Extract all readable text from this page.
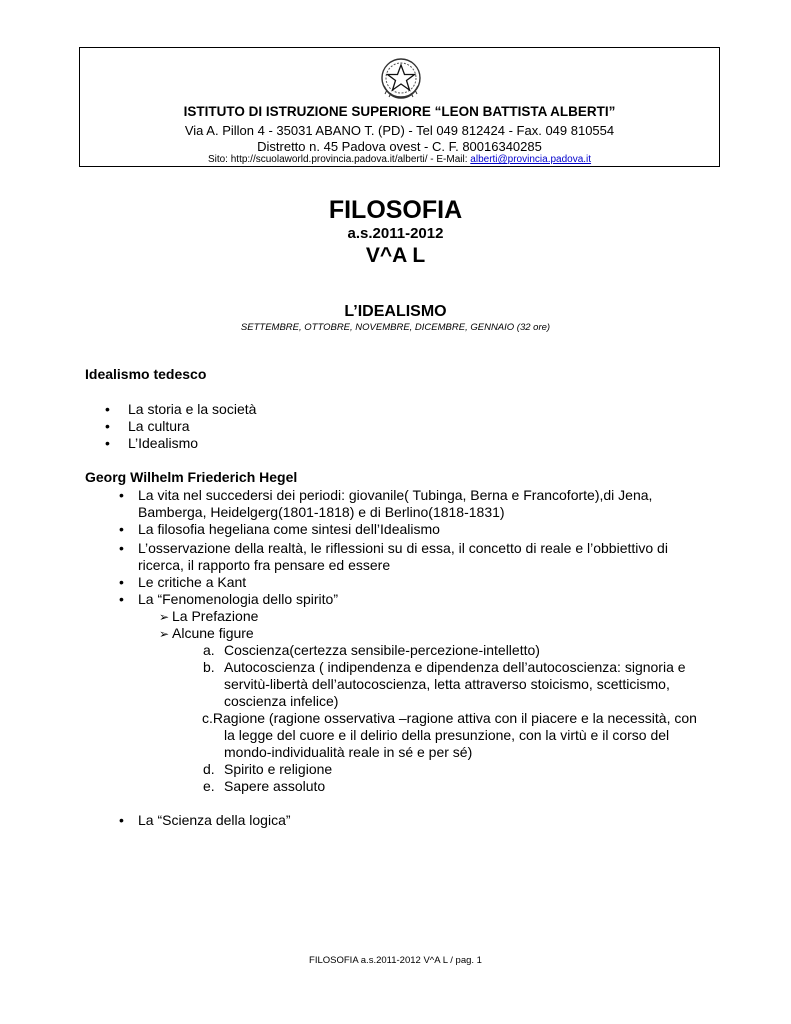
ISTITUTO DI ISTRUZIONE SUPERIORE “LEON BATTISTA ALBERTI”
Via A. Pillon 4 - 35031 ABANO T. (PD) - Tel 049 812424 - Fax. 049 810554
Distretto n. 45 Padova ovest - C. F. 80016340285
Sito: http://scuolaworld.provincia.padova.it/alberti/ - E-Mail: alberti@provincia.padova.it
FILOSOFIA
a.s.2011-2012
V^A L
L’IDEALISMO
SETTEMBRE, OTTOBRE, NOVEMBRE, DICEMBRE, GENNAIO (32 ore)
Idealismo tedesco
• La storia e la società
• La cultura
• L’Idealismo
Georg Wilhelm Friederich Hegel
• La vita nel succedersi dei periodi: giovanile( Tubinga, Berna e Francoforte),di Jena,
Bamberga, Heidelgerg(1801-1818) e di Berlino(1818-1831)
• La filosofia hegeliana come sintesi dell’Idealismo
• L’osservazione della realtà, le riflessioni su di essa, il concetto di reale e l’obbiettivo di
ricerca, il rapporto fra pensare ed essere
• Le critiche a Kant
• La “Fenomenologia dello spirito”
➢ La Prefazione
➢ Alcune figure
a. Coscienza(certezza sensibile-percezione-intelletto)
b. Autocoscienza ( indipendenza e dipendenza dell’autocoscienza: signoria e
servitù-libertà dell’autocoscienza, letta attraverso stoicismo, scetticismo,
coscienza infelice)
c.Ragione (ragione osservativa –ragione attiva con il piacere e la necessità, con
la legge del cuore e il delirio della presunzione, con la virtù e il corso del
mondo-individualità reale in sé e per sé)
d. Spirito e religione
e. Sapere assoluto
• La “Scienza della logica”
FILOSOFIA a.s.2011-2012 V^A L / pag. 1
